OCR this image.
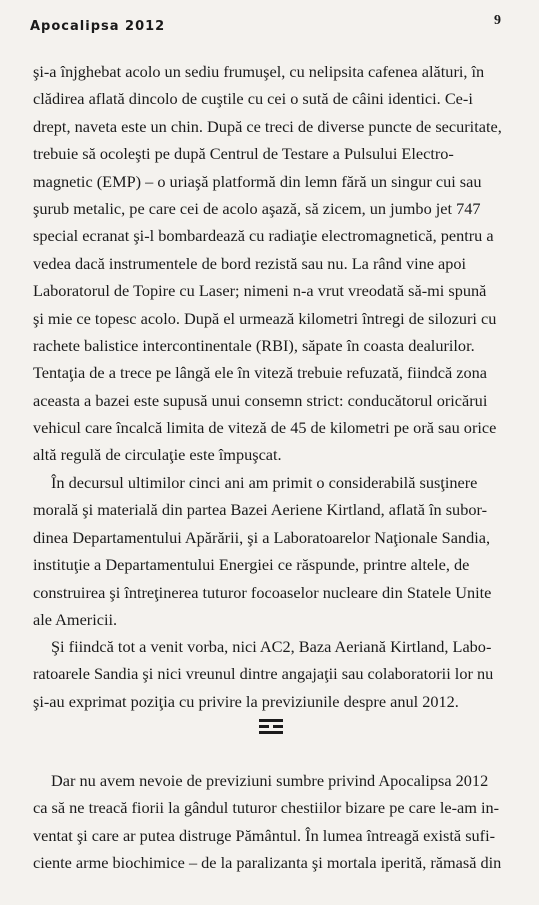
Apocalipsa 2012	9
şi-a înjghebat acolo un sediu frumuşel, cu nelipsita cafenea alături, în
clădirea aflată dincolo de cuştile cu cei o sută de câini identici. Ce-i
drept, naveta este un chin. După ce treci de diverse puncte de securitate,
trebuie să ocoleşti pe după Centrul de Testare a Pulsului Electro-
magnetic (EMP) – o uriaşă platformă din lemn fără un singur cui sau
şurub metalic, pe care cei de acolo aşază, să zicem, un jumbo jet 747
special ecranat şi-l bombardează cu radiaţie electromagnetică, pentru a
vedea dacă instrumentele de bord rezistă sau nu. La rând vine apoi
Laboratorul de Topire cu Laser; nimeni n-a vrut vreodată să-mi spună
şi mie ce topesc acolo. După el urmează kilometri întregi de silozuri cu
rachete balistice intercontinentale (RBI), săpate în coasta dealurilor.
Tentaţia de a trece pe lângă ele în viteză trebuie refuzată, fiindcă zona
aceasta a bazei este supusă unui consemn strict: conducătorul oricărui
vehicul care încalcă limita de viteză de 45 de kilometri pe oră sau orice
altă regulă de circulaţie este împuşcat.
În decursul ultimilor cinci ani am primit o considerabilă susţinere
morală şi materială din partea Bazei Aeriene Kirtland, aflată în subor-
dinea Departamentului Apărării, şi a Laboratoarelor Naţionale Sandia,
instituţie a Departamentului Energiei ce răspunde, printre altele, de
construirea şi întreţinerea tuturor focoaselor nucleare din Statele Unite
ale Americii.
Şi fiindcă tot a venit vorba, nici AC2, Baza Aeriană Kirtland, Labo-
ratoarele Sandia şi nici vreunul dintre angajaţii sau colaboratorii lor nu
şi-au exprimat poziţia cu privire la previziunile despre anul 2012.
Dar nu avem nevoie de previziuni sumbre privind Apocalipsa 2012
ca să ne treacă fiorii la gândul tuturor chestiilor bizare pe care le-am in-
ventat şi care ar putea distruge Pământul. În lumea întreagă există sufi-
ciente arme biochimice – de la paralizanta şi mortala iperită, rămasă din
